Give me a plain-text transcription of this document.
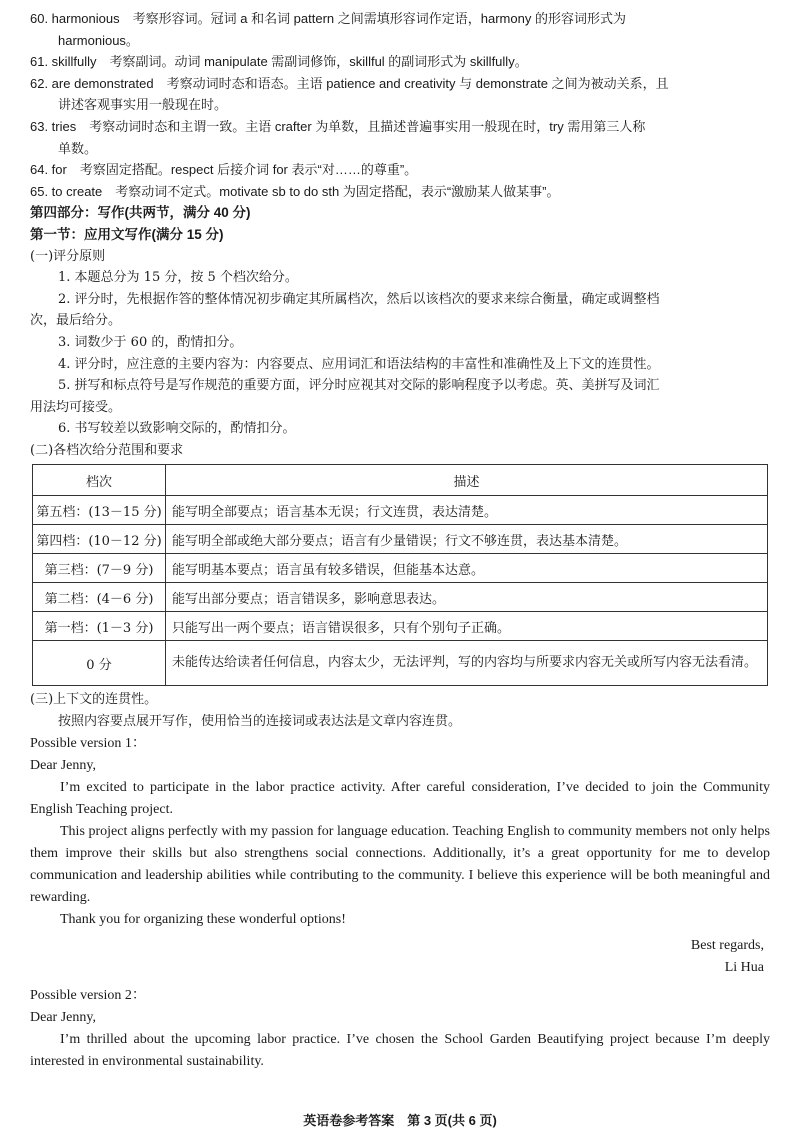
60. harmonious　考察形容词。冠词 a 和名词 pattern 之间需填形容词作定语，harmony 的形容词形式为
harmonious。
61. skillfully　考察副词。动词 manipulate 需副词修饰，skillful 的副词形式为 skillfully。
62. are demonstrated　考察动词时态和语态。主语 patience and creativity 与 demonstrate 之间为被动关系，且
讲述客观事实用一般现在时。
63. tries　考察动词时态和主谓一致。主语 crafter 为单数，且描述普遍事实用一般现在时，try 需用第三人称
单数。
64. for　考察固定搭配。respect 后接介词 for 表示“对……的尊重”。
65. to create　考察动词不定式。motivate sb to do sth 为固定搭配，表示“激励某人做某事”。
第四部分：写作(共两节，满分 40 分)
第一节：应用文写作(满分 15 分)
(一)评分原则
1. 本题总分为 15 分，按 5 个档次给分。
2. 评分时，先根据作答的整体情况初步确定其所属档次，然后以该档次的要求来综合衡量，确定或调整档
次，最后给分。
3. 词数少于 60 的，酌情扣分。
4. 评分时，应注意的主要内容为：内容要点、应用词汇和语法结构的丰富性和准确性及上下文的连贯性。
5. 拼写和标点符号是写作规范的重要方面，评分时应视其对交际的影响程度予以考虑。英、美拼写及词汇
用法均可接受。
6. 书写较差以致影响交际的，酌情扣分。
(二)各档次给分范围和要求
档次	描述
第五档：(13－15 分)	能写明全部要点；语言基本无误；行文连贯，表达清楚。
第四档：(10－12 分)	能写明全部或绝大部分要点；语言有少量错误；行文不够连贯，表达基本清楚。
第三档：(7－9 分)	能写明基本要点；语言虽有较多错误，但能基本达意。
第二档：(4－6 分)	能写出部分要点；语言错误多，影响意思表达。
第一档：(1－3 分)	只能写出一两个要点；语言错误很多，只有个别句子正确。
0 分	未能传达给读者任何信息，内容太少，无法评判，写的内容均与所要求内容无关或所写内容无法看清。
(三)上下文的连贯性。
按照内容要点展开写作，使用恰当的连接词或表达法是文章内容连贯。
Possible version 1：
Dear Jenny,
I’m excited to participate in the labor practice activity. After careful consideration, I’ve decided to join the Community English Teaching project.
This project aligns perfectly with my passion for language education. Teaching English to community members not only helps them improve their skills but also strengthens social connections. Additionally, it’s a great opportunity for me to develop communication and leadership abilities while contributing to the community. I believe this experience will be both meaningful and rewarding.
Thank you for organizing these wonderful options!
Best regards,
Li Hua
Possible version 2：
Dear Jenny,
I’m thrilled about the upcoming labor practice. I’ve chosen the School Garden Beautifying project because I’m deeply interested in environmental sustainability.
英语卷参考答案　第 3 页(共 6 页)
